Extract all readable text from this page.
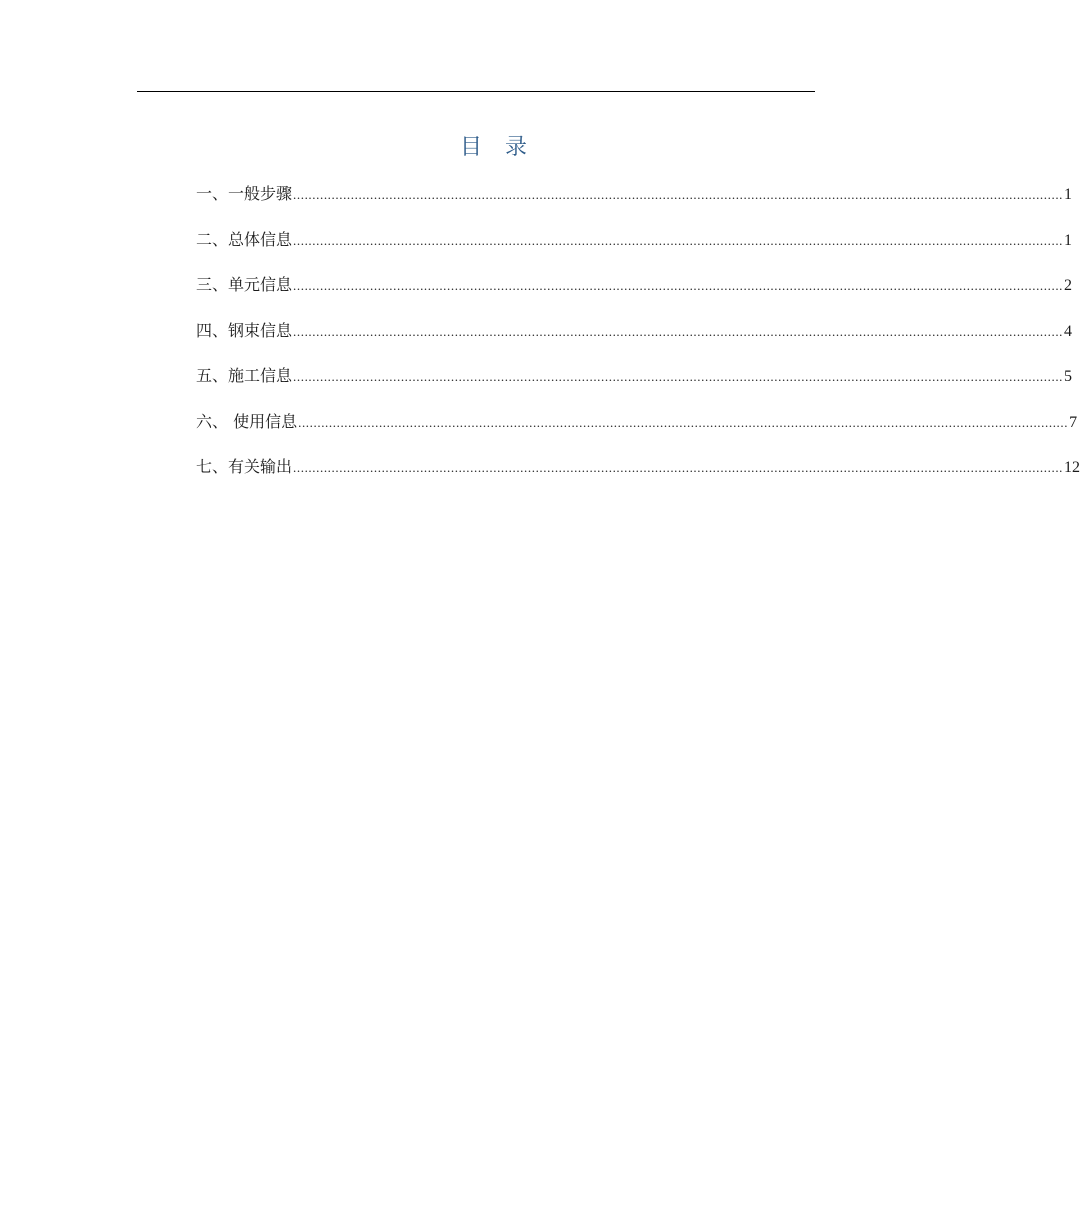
目 录
一、一般步骤 ........................................................................................................................................................................................................ 1
二、总体信息 ........................................................................................................................................................................................................ 1
三、单元信息 ........................................................................................................................................................................................................ 2
四、钢束信息 ........................................................................................................................................................................................................ 4
五、施工信息 ........................................................................................................................................................................................................ 5
六、 使用信息 ........................................................................................................................................................................................................ 7
七、有关输出 ........................................................................................................................................................................................................ 12
